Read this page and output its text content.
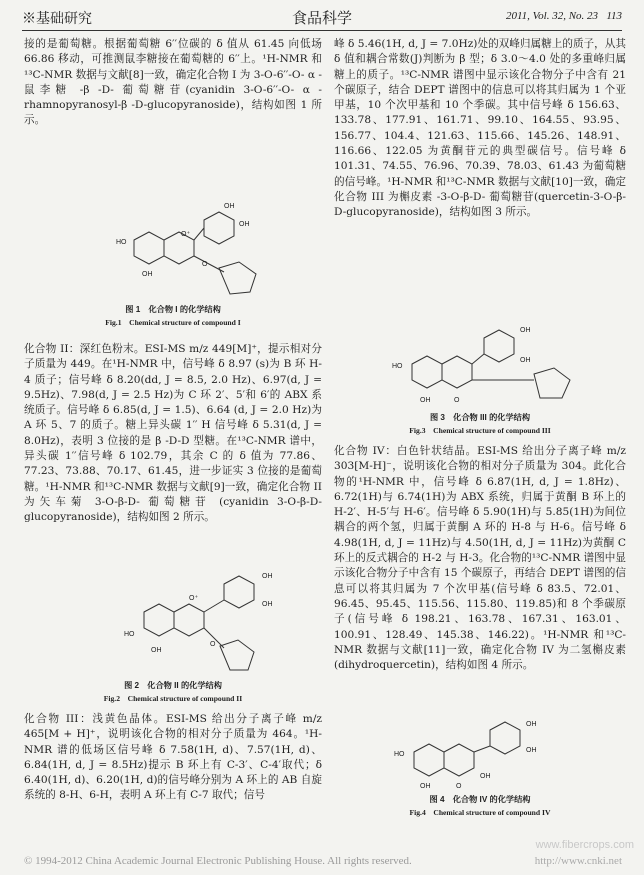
※基础研究	食品科学	2011, Vol. 32, No. 23 113

接的是葡萄糖。根据葡萄糖 6′′位碳的 δ 值从 61.45 向低场 66.86 移动，可推测鼠李糖接在葡萄糖的 6′′上。¹H-NMR 和¹³C-NMR 数据与文献[8]一致，确定化合物 I 为 3-O-6′′-O- α -鼠李糖 -β -D- 葡萄糖苷(cyanidin 3-O-6′′-O- α -rhamnopyranosyl-β -D-glucopyranoside)，结构如图 1 所示。

OH
OH
HO
OH
O⁺
O
图 1　化合物 I 的化学结构
Fig.1　Chemical structure of compound I

化合物 II：深红色粉末。ESI-MS m/z 449[M]⁺，提示相对分子质量为 449。在¹H-NMR 中，信号峰 δ 8.97 (s)为 B 环 H-4 质子；信号峰 δ 8.20(dd, J = 8.5, 2.0 Hz)、6.97(d, J = 9.5Hz)、7.98(d, J = 2.5 Hz)为 C 环 2′、5′和 6′的 ABX 系统质子。信号峰 δ 6.85(d, J = 1.5)、6.64 (d, J = 2.0 Hz)为 A 环 5、7 的质子。糖上异头碳 1′′ H 信号峰 δ 5.31(d, J = 8.0Hz)，表明 3 位接的是 β -D-D 型糖。在¹³C-NMR 谱中，异头碳 1′′信号峰 δ 102.79，其余 C 的 δ 值为 77.86、77.23、73.88、70.17、61.45，进一步证实 3 位接的是葡萄糖。¹H-NMR 和¹³C-NMR 数据与文献[9]一致，确定化合物 II 为矢车菊 3-O-β-D- 葡萄糖苷 (cyanidin 3-O-β-D-glucopyranoside)，结构如图 2 所示。

OH
OH
HO
OH
O⁺
O
图 2　化合物 II 的化学结构
Fig.2　Chemical structure of compound II

化合物 III：浅黄色晶体。ESI-MS 给出分子离子峰 m/z 465[M + H]⁺，说明该化合物的相对分子质量为 464。¹H-NMR 谱的低场区信号峰 δ 7.58(1H, d)、7.57(1H, d)、6.84(1H, d, J = 8.5Hz)提示 B 环上有 C-3′、C-4′取代；δ 6.40(1H, d)、6.20(1H, d)的信号峰分别为 A 环上的 AB 自旋系统的 8-H、6-H，表明 A 环上有 C-7 取代；信号

峰 δ 5.46(1H, d, J = 7.0Hz)处的双峰归属糖上的质子，从其 δ 值和耦合常数(J)判断为 β 型；δ 3.0～4.0 处的多重峰归属糖上的质子。¹³C-NMR 谱图中显示该化合物分子中含有 21 个碳原子，结合 DEPT 谱图中的信息可以将其归属为 1 个亚甲基，10 个次甲基和 10 个季碳。其中信号峰 δ 156.63、133.78、177.91、161.71、99.10、164.55、93.95、156.77、104.4、121.63、115.66、145.26、148.91、116.66、122.05 为黄酮苷元的典型碳信号。信号峰 δ 101.31、74.55、76.96、70.39、78.03、61.43 为葡萄糖的信号峰。¹H-NMR 和¹³C-NMR 数据与文献[10]一致，确定化合物 III 为槲皮素 -3-O-β-D- 葡萄糖苷(quercetin-3-O-β-D-glucopyranoside)，结构如图 3 所示。

OH
OH
HO
OH	O
图 3　化合物 III 的化学结构
Fig.3　Chemical structure of compound III

化合物 IV：白色针状结晶。ESI-MS 给出分子离子峰 m/z 303[M-H]⁻，说明该化合物的相对分子质量为 304。此化合物的¹H-NMR 中，信号峰 δ 6.87(1H, d, J = 1.8Hz)、6.72(1H)与 6.74(1H)为 ABX 系统，归属于黄酮 B 环上的 H-2′、H-5′与 H-6′。信号峰 δ 5.90(1H)与 5.85(1H)为间位耦合的两个氢，归属于黄酮 A 环的 H-8 与 H-6。信号峰 δ 4.98(1H, d, J = 11Hz)与 4.50(1H, d, J = 11Hz)为黄酮 C 环上的反式耦合的 H-2 与 H-3。化合物的¹³C-NMR 谱图中显示该化合物分子中含有 15 个碳原子，再结合 DEPT 谱图的信息可以将其归属为 7 个次甲基(信号峰 δ 83.5、72.01、96.45、95.45、115.56、115.80、119.85)和 8 个季碳原子(信号峰 δ 198.21、163.78、167.31、163.01、100.91、128.49、145.38、146.22)。¹H-NMR 和¹³C-NMR 数据与文献[11]一致，确定化合物 IV 为二氢槲皮素(dihydroquercetin)，结构如图 4 所示。

OH
OH
HO
OH
OH
O
图 4　化合物 IV 的化学结构
Fig.4　Chemical structure of compound IV
www.fibercrops.com
© 1994-2012 China Academic Journal Electronic Publishing House. All rights reserved.	http://www.cnki.net
